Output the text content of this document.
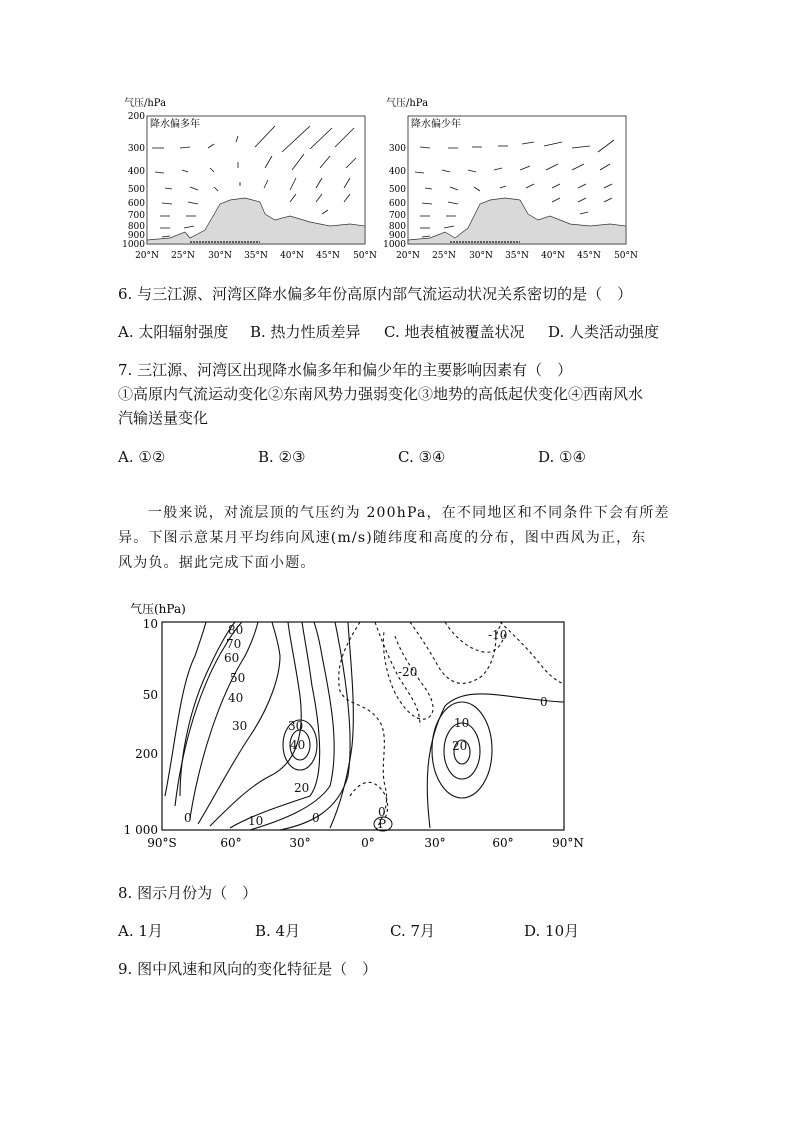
气压/hPa
降水偏多年
200
300
400
500
600
700
800
900
1000
20°N 25°N 30°N 35°N 40°N 45°N 50°N
气压/hPa
降水偏少年
300
400
500
600
700
800
900
1000
20°N 25°N 30°N 35°N 40°N 45°N 50°N
6. 与三江源、河湾区降水偏多年份高原内部气流运动状况关系密切的是（　）
A. 太阳辐射强度 B. 热力性质差异 C. 地表植被覆盖状况 D. 人类活动强度
7. 三江源、河湾区出现降水偏多年和偏少年的主要影响因素有（　）
①高原内气流运动变化②东南风势力强弱变化③地势的高低起伏变化④西南风水
汽输送量变化
A. ①②	B. ②③	C. ③④	D. ①④
一般来说，对流层顶的气压约为 200hPa，在不同地区和不同条件下会有所差
异。下图示意某月平均纬向风速(m/s)随纬度和高度的分布，图中西风为正，东
风为负。据此完成下面小题。
气压(hPa)
10
50
200
1 000
90°S	60°	30°	0°	30°	60°	90°N
80
70
60
50
40
30	30
40
20
10
0	0
-10
-20
0
10
20
0
P
8. 图示月份为（　）
A. 1月	B. 4月	C. 7月	D. 10月
9. 图中风速和风向的变化特征是（　）
